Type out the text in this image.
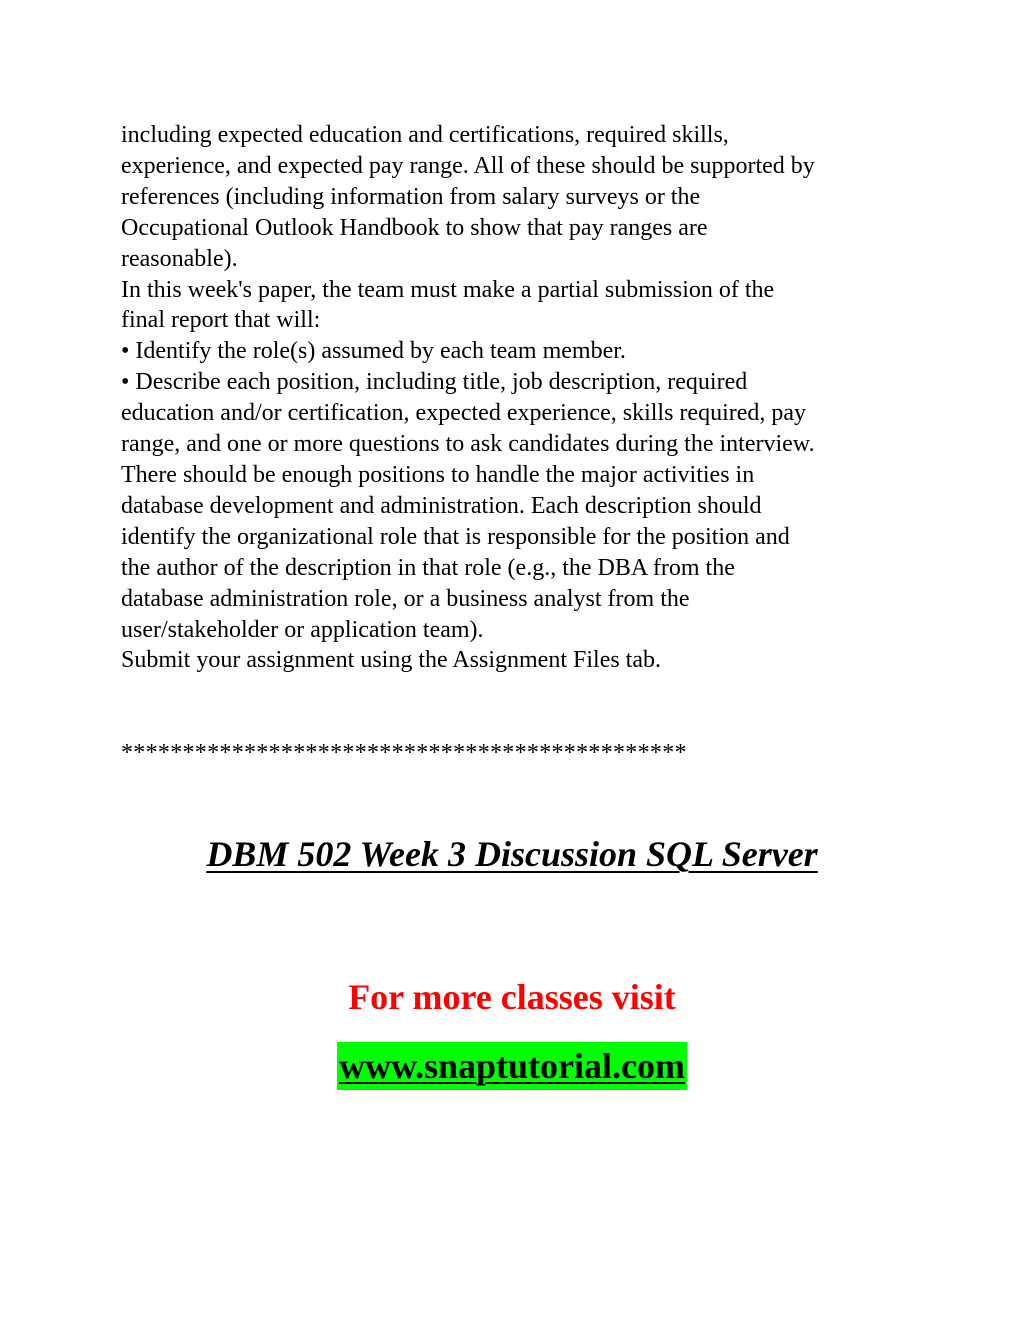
including expected education and certifications, required skills,
experience, and expected pay range. All of these should be supported by
references (including information from salary surveys or the
Occupational Outlook Handbook to show that pay ranges are
reasonable).
In this week's paper, the team must make a partial submission of the
final report that will:
• Identify the role(s) assumed by each team member.
• Describe each position, including title, job description, required
education and/or certification, expected experience, skills required, pay
range, and one or more questions to ask candidates during the interview.
There should be enough positions to handle the major activities in
database development and administration. Each description should
identify the organizational role that is responsible for the position and
the author of the description in that role (e.g., the DBA from the
database administration role, or a business analyst from the
user/stakeholder or application team).
Submit your assignment using the Assignment Files tab.
**********************************************
DBM 502 Week 3 Discussion SQL Server
For more classes visit
www.snaptutorial.com
